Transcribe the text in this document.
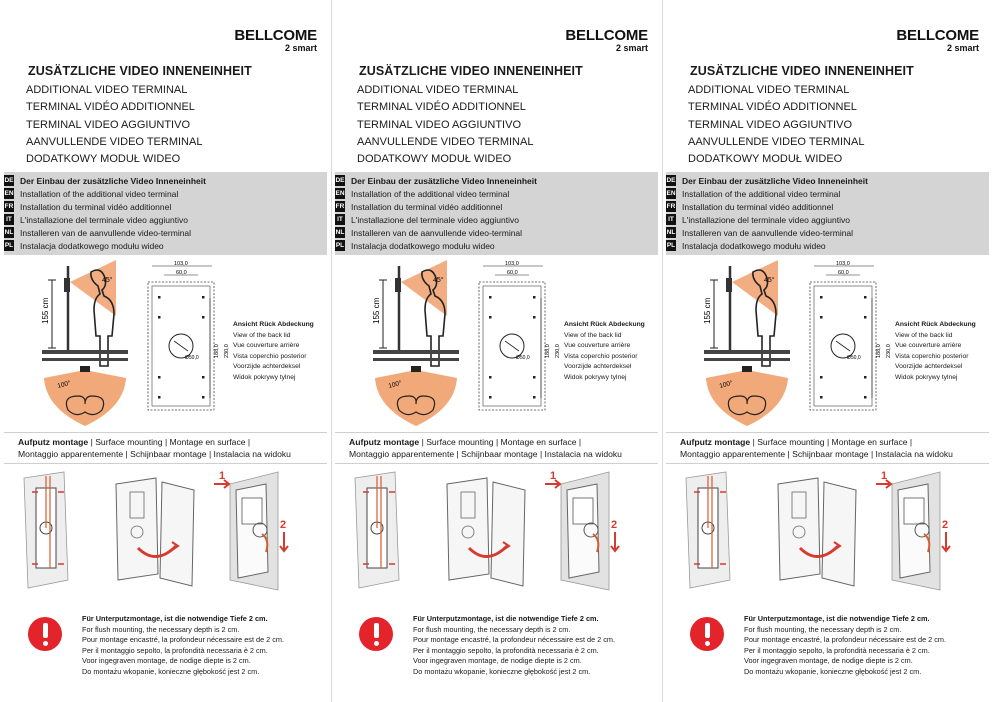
BELLCOME
2 smart
ZUSÄTZLICHE VIDEO INNENEINHEIT
ADDITIONAL VIDEO TERMINAL
TERMINAL VIDÉO ADDITIONNEL
TERMINAL VIDEO AGGIUNTIVO
AANVULLENDE VIDEO TERMINAL
DODATKOWY MODUŁ WIDEO
DE Der Einbau der zusätzliche Video Inneneinheit
EN Installation of the additional video terminal
FR Installation du terminal vidéo additionnel
IT L'installazione del terminale video aggiuntivo
NL Installeren van de aanvullende video-terminal
PL Instalacja dodatkowego modułu wideo
155 cm
45°
100°
103,0
60,0
Ø50,0	188,0 230,0
Ansicht Rück Abdeckung
View of the back lid
Vue couverture arrière
Vista coperchio posterior
Voorzijde achterdeksel
Widok pokrywy tylnej
Aufputz montage | Surface mounting | Montage en surface |
Montaggio apparentemente | Schijnbaar montage | Instalacia na widoku
1
2
Für Unterputzmontage, ist die notwendige Tiefe 2 cm.
For flush mounting, the necessary depth is 2 cm.
Pour montage encastré, la profondeur nécessaire est de 2 cm.
Per il montaggio sepolto, la profondità necessaria è 2 cm.
Voor ingegraven montage, de nodige diepte is 2 cm.
Do montażu wkopanie, konieczne głębokość jest 2 cm.
BELLCOME
2 smart
ZUSÄTZLICHE VIDEO INNENEINHEIT
ADDITIONAL VIDEO TERMINAL
TERMINAL VIDÉO ADDITIONNEL
TERMINAL VIDEO AGGIUNTIVO
AANVULLENDE VIDEO TERMINAL
DODATKOWY MODUŁ WIDEO
DE Der Einbau der zusätzliche Video Inneneinheit
EN Installation of the additional video terminal
FR Installation du terminal vidéo additionnel
IT L'installazione del terminale video aggiuntivo
NL Installeren van de aanvullende video-terminal
PL Instalacja dodatkowego modułu wideo
155 cm
45°
100°
103,0
60,0
Ø50,0	188,0 230,0
Ansicht Rück Abdeckung
View of the back lid
Vue couverture arrière
Vista coperchio posterior
Voorzijde achterdeksel
Widok pokrywy tylnej
Aufputz montage | Surface mounting | Montage en surface |
Montaggio apparentemente | Schijnbaar montage | Instalacia na widoku
1
2
Für Unterputzmontage, ist die notwendige Tiefe 2 cm.
For flush mounting, the necessary depth is 2 cm.
Pour montage encastré, la profondeur nécessaire est de 2 cm.
Per il montaggio sepolto, la profondità necessaria è 2 cm.
Voor ingegraven montage, de nodige diepte is 2 cm.
Do montażu wkopanie, konieczne głębokość jest 2 cm.
BELLCOME
2 smart
ZUSÄTZLICHE VIDEO INNENEINHEIT
ADDITIONAL VIDEO TERMINAL
TERMINAL VIDÉO ADDITIONNEL
TERMINAL VIDEO AGGIUNTIVO
AANVULLENDE VIDEO TERMINAL
DODATKOWY MODUŁ WIDEO
DE Der Einbau der zusätzliche Video Inneneinheit
EN Installation of the additional video terminal
FR Installation du terminal vidéo additionnel
IT L'installazione del terminale video aggiuntivo
NL Installeren van de aanvullende video-terminal
PL Instalacja dodatkowego modułu wideo
155 cm
45°
100°
103,0
60,0
Ø50,0	188,0 230,0
Ansicht Rück Abdeckung
View of the back lid
Vue couverture arrière
Vista coperchio posterior
Voorzijde achterdeksel
Widok pokrywy tylnej
Aufputz montage | Surface mounting | Montage en surface |
Montaggio apparentemente | Schijnbaar montage | Instalacia na widoku
1
2
Für Unterputzmontage, ist die notwendige Tiefe 2 cm.
For flush mounting, the necessary depth is 2 cm.
Pour montage encastré, la profondeur nécessaire est de 2 cm.
Per il montaggio sepolto, la profondità necessaria è 2 cm.
Voor ingegraven montage, de nodige diepte is 2 cm.
Do montażu wkopanie, konieczne głębokość jest 2 cm.
